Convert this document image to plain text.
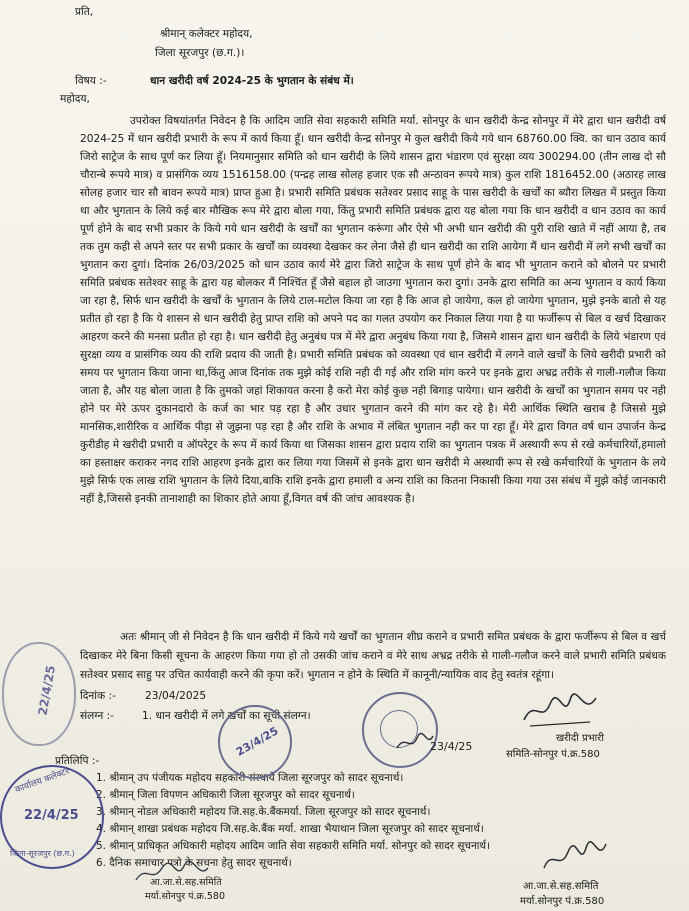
प्रति,
श्रीमान् कलेक्टर महोदय,
जिला सूरजपुर (छ.ग.)।
विषय :-	धान खरीदी वर्ष 2024-25 के भुगतान के संबंध में।
महोदय,
उपरोक्त विषयांतर्गत निवेदन है कि आदिम जाति सेवा सहकारी समिति मर्या. सोनपुर के धान खरीदी केन्द्र सोनपुर में मेरे द्वारा धान खरीदी वर्ष 2024-25 में धान खरीदी प्रभारी के रूप में कार्य किया हूँ। धान खरीदी केन्द्र सोनपुर मे कुल खरीदी किये गये धान 68760.00 क्वि. का धान उठाव कार्य जिरो साट्रेज के साथ पूर्ण कर लिया हूँ। नियमानुसार समिति को धान खरीदी के लिये शासन द्वारा भंडारण एवं सुरक्षा व्यय 300294.00 (तीन लाख दो सौ चौरान्बे रूपये मात्र) व प्रासंगिक व्यय 1516158.00 (पन्द्रह लाख सोलह हजार एक सौ अन्ठावन रूपये मात्र) कुल राशि 1816452.00 (अठारह लाख सोलह हजार चार सौ बावन रूपये मात्र) प्राप्त हुआ है। प्रभारी समिति प्रबंधक सतेश्वर प्रसाद साहू के पास खरीदी के खर्चों का ब्यौरा लिखत में प्रस्तुत किया था और भुगतान के लिये कई बार मौखिक रूप मेरे द्वारा बोला गया, किंतु प्रभारी समिति प्रबंधक द्वारा यह बोला गया कि धान खरीदी व धान उठाव का कार्य पूर्ण होने के बाद सभी प्रकार के किये गये धान खरीदी के खर्चों का भुगतान करूंगा और ऐसे भी अभी धान खरीदी की पुरी राशि खाते में नहीं आया है, तब तक तुम कही से अपने स्तर पर सभी प्रकार के खर्चों का व्यवस्था देखकर कर लेना जैसे ही धान खरीदी का राशि आयेगा मैं धान खरीदी में लगे सभी खर्चों का भुगतान करा दुगां। दिनांक 26/03/2025 को धान उठाव कार्य मेरे द्वारा जिरो साट्रेज के साथ पूर्ण होने के बाद भी भुगतान कराने को बोलने पर प्रभारी समिति प्रबंधक सतेश्वर साहू के द्वारा यह बोलकर मैं निश्चिंत हूँ जैसे बहाल हो जाउगा भुगतान करा दुगां। उनके द्वारा समिति का अन्य भुगतान व कार्य किया जा रहा है, सिर्फ धान खरीदी के खर्चों के भुगतान के लिये टाल-मटोल किया जा रहा है कि आज हो जायेगा, कल हो जायेगा भुगतान, मुझे इनके बातो से यह प्रतीत हो रहा है कि ये शासन से धान खरीदी हेतु प्राप्त राशि को अपने पद का गलत उपयोग कर निकाल लिया गया है या फर्जीरूप से बिल व खर्च दिखाकर आहरण करने की मनसा प्रतीत हो रहा है। धान खरीदी हेतु अनुबंध पत्र में मेरे द्वारा अनुबंध किया गया है, जिसमे शासन द्वारा धान खरीदी के लिये भंडारण एवं सुरक्षा व्यय व प्रासंगिक व्यय की राशि प्रदाय की जाती है। प्रभारी समिति प्रबंधक को व्यवस्था एवं धान खरीदी में लगने वाले खर्चों के लिये खरीदी प्रभारी को समय पर भुगतान किया जाना था,किंतु आज दिनांक तक मुझे कोई राशि नही दी गई और राशि मांग करने पर इनके द्वारा अभ्रद्र तरीके से गाली-गलौज किया जाता है, और यह बोला जाता है कि तुमको जहां शिकायत करना है करो मेरा कोई कुछ नही बिगाड़ पायेगा। धान खरीदी के खर्चों का भुगतान समय पर नही होने पर मेरे ऊपर दुकानदारो के कर्ज का भार पड़ रहा है और उधार भुगतान करने की मांग कर रहे है। मेरी आर्थिक स्थिति खराब है जिससे मुझे मानसिक,शारीरिक व आर्थिक पीड़ा से जुझना पड़ रहा है और राशि के अभाव में लंबित भुगतान नही कर पा रहा हूँ। मेरे द्वारा विगत वर्ष धान उपार्जन केन्द्र कुरीडीह मे खरीदी प्रभारी व ऑपरेट्रर के रूप में कार्य किया था जिसका शासन द्वारा प्रदाय राशि का भुगतान पत्रक में अस्थायी रूप से रखे कर्मचारियों,हमालो का हस्ताक्षर कराकर नगद राशि आहरण इनके द्वारा कर लिया गया जिसमें से इनके द्वारा धान खरीदी मे अस्थायी रूप से रखे कर्मचारियों के भुगतान के लये मुझे सिर्फ एक लाख राशि भुगतान के लिये दिया,बाकि राशि इनके द्वारा हमाली व अन्य राशि का कितना निकासी किया गया उस संबंध में मुझे कोई जानकारी नहीं है,जिससे इनकी तानाशाही का शिकार होते आया हूँ,विगत वर्ष की जांच आवश्यक है।
अतः श्रीमान् जी से निवेदन है कि धान खरीदी में किये गये खर्चों का भुगतान शीघ्र कराने व प्रभारी समित प्रबंधक के द्वारा फर्जीरूप से बिल व खर्च दिखाकर मेरे बिना किसी सूचना के आहरण किया गया हो तो उसकी जांच कराने व मेरे साथ अभ्रद्र तरीके से गाली-गलौज करने वाले प्रभारी समिति प्रबंधक सतेश्वर प्रसाद साहु पर उचित कार्यवाही करने की कृपा करें। भुगतान न होने के स्थिति में कानूनी/न्यायिक वाद हेतु स्वतंत्र रहूंगा।
दिनांक :-	23/04/2025
संलग्न :-	1. धान खरीदी में लगे खर्चों का सूची संलग्न।
खरीदी प्रभारी
समिति-सोनपुर पं.क्र.580
प्रतिलिपि :-
1. श्रीमान् उप पंजीयक महोदय सहकारी संस्थाये जिला सूरजपुर को सादर सूचनार्थ।
2. श्रीमान् जिला विपणन अधिकारी जिला सूरजपुर को सादर सूचनार्थ।
3. श्रीमान् नोडल अधिकारी महोदय जि.सह.के.बैंकमर्या. जिला सूरजपुर को सादर सूचनार्थ।
4. श्रीमान् शाखा प्रबंधक महोदय जि.सह.के.बैंक मर्या. शाखा भैयाथान जिला सूरजपुर को सादर सूचनार्थ।
5. श्रीमान् प्राधिकृत अधिकारी महोदय आदिम जाति सेवा सहकारी समिति मर्या. सोनपुर को सादर सूचनार्थ।
6. दैनिक समाचार पत्रो के सचना हेतु सादर सूचनार्थ।
आ.जा.से.सह.समिति
मर्या.सोनपुर पं.क्र.580
आ.जा.से.सह.समिति
मर्या.सोनपुर पं.क्र.580
22/4/25
कार्यालय कलेक्टर
22/4/25
जिला-सूरजपुर (छ.ग.)
23/4/25	23/4/25
